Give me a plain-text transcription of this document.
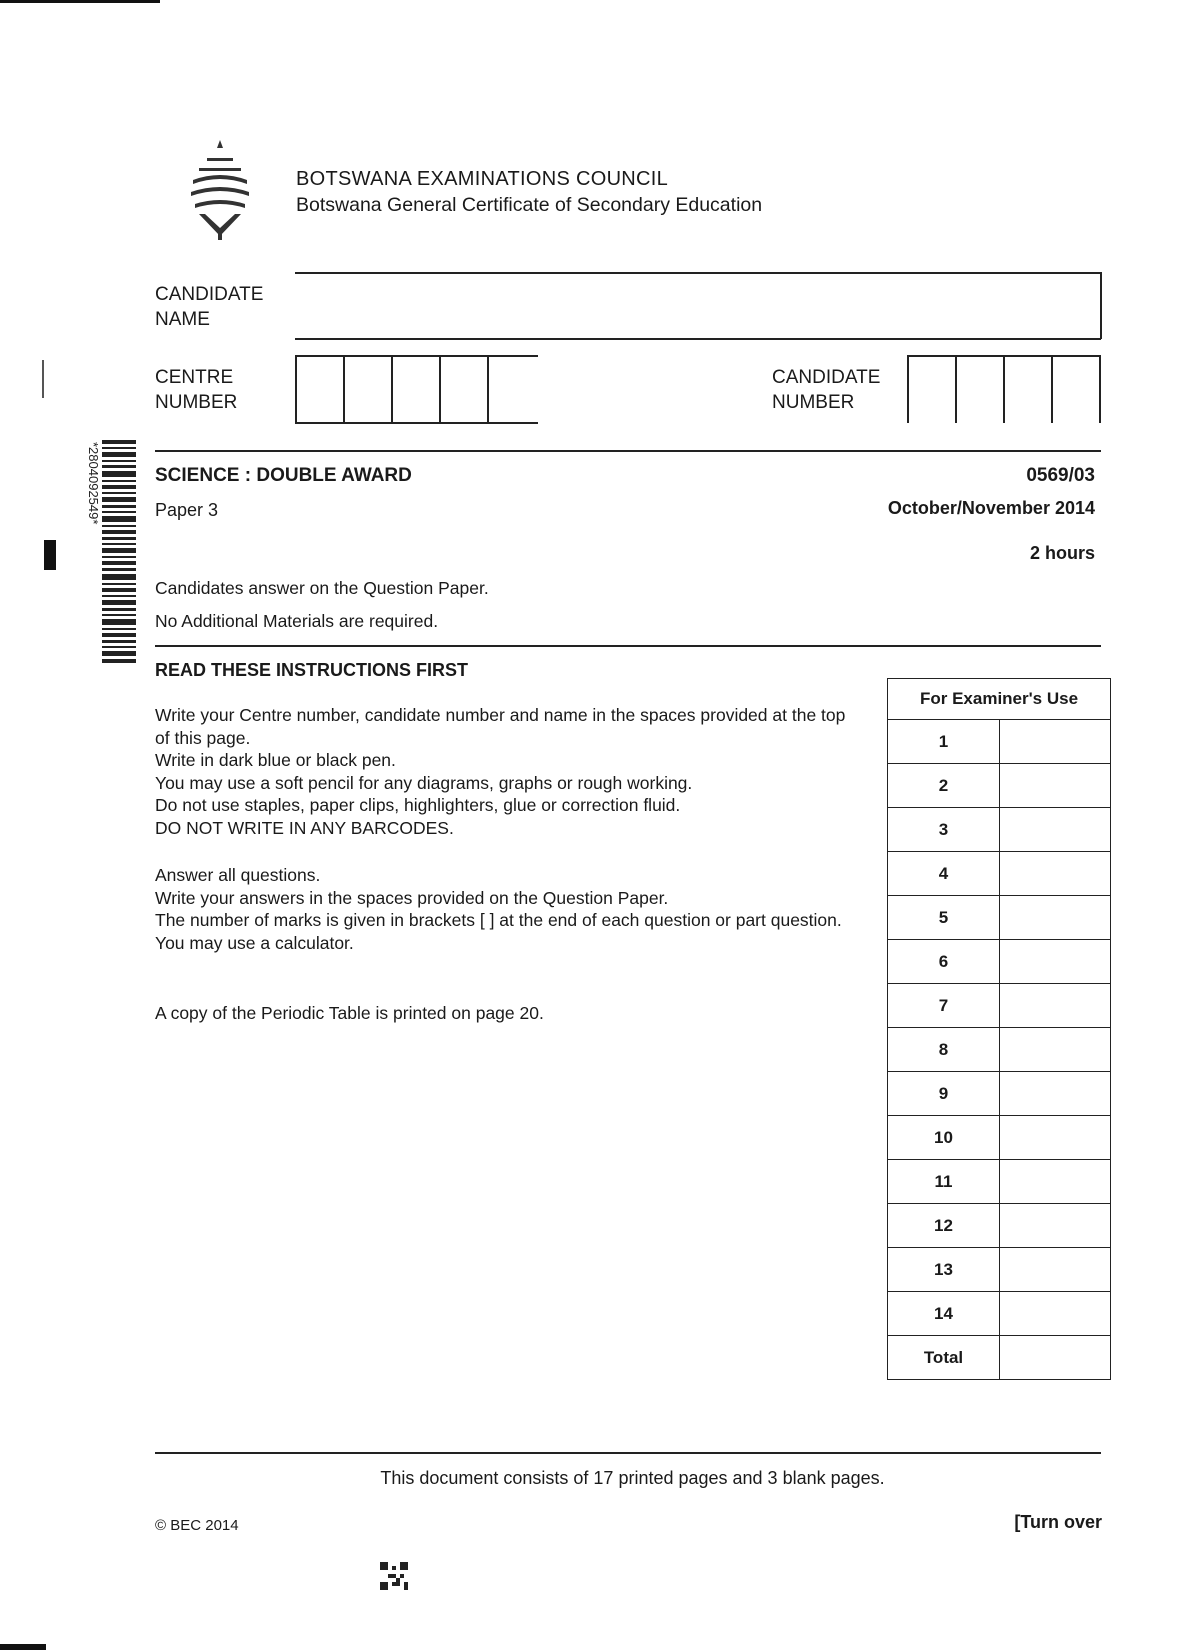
BOTSWANA EXAMINATIONS COUNCIL
Botswana General Certificate of Secondary Education
CANDIDATE
NAME
CENTRE
NUMBER
CANDIDATE
NUMBER
*2804092549*	SCIENCE : DOUBLE AWARD	0569/03
Paper 3	October/November 2014
2 hours
Candidates answer on the Question Paper.
No Additional Materials are required.
READ THESE INSTRUCTIONS FIRST

Write your Centre number, candidate number and name in the spaces provided at the top of this page.

Write in dark blue or black pen.

You may use a soft pencil for any diagrams, graphs or rough working.

Do not use staples, paper clips, highlighters, glue or correction fluid.

DO NOT WRITE IN ANY BARCODES.

Answer all questions.

Write your answers in the spaces provided on the Question Paper.

The number of marks is given in brackets [ ] at the end of each question or part question.

You may use a calculator.

A copy of the Periodic Table is printed on page 20.

For Examiner's Use	
1	
2	
3	
4	
5	
6	
7	
8	
9	
10	
11	
12	
13	
14	
Total	
This document consists of 17 printed pages and 3 blank pages.
© BEC 2014	[Turn over
